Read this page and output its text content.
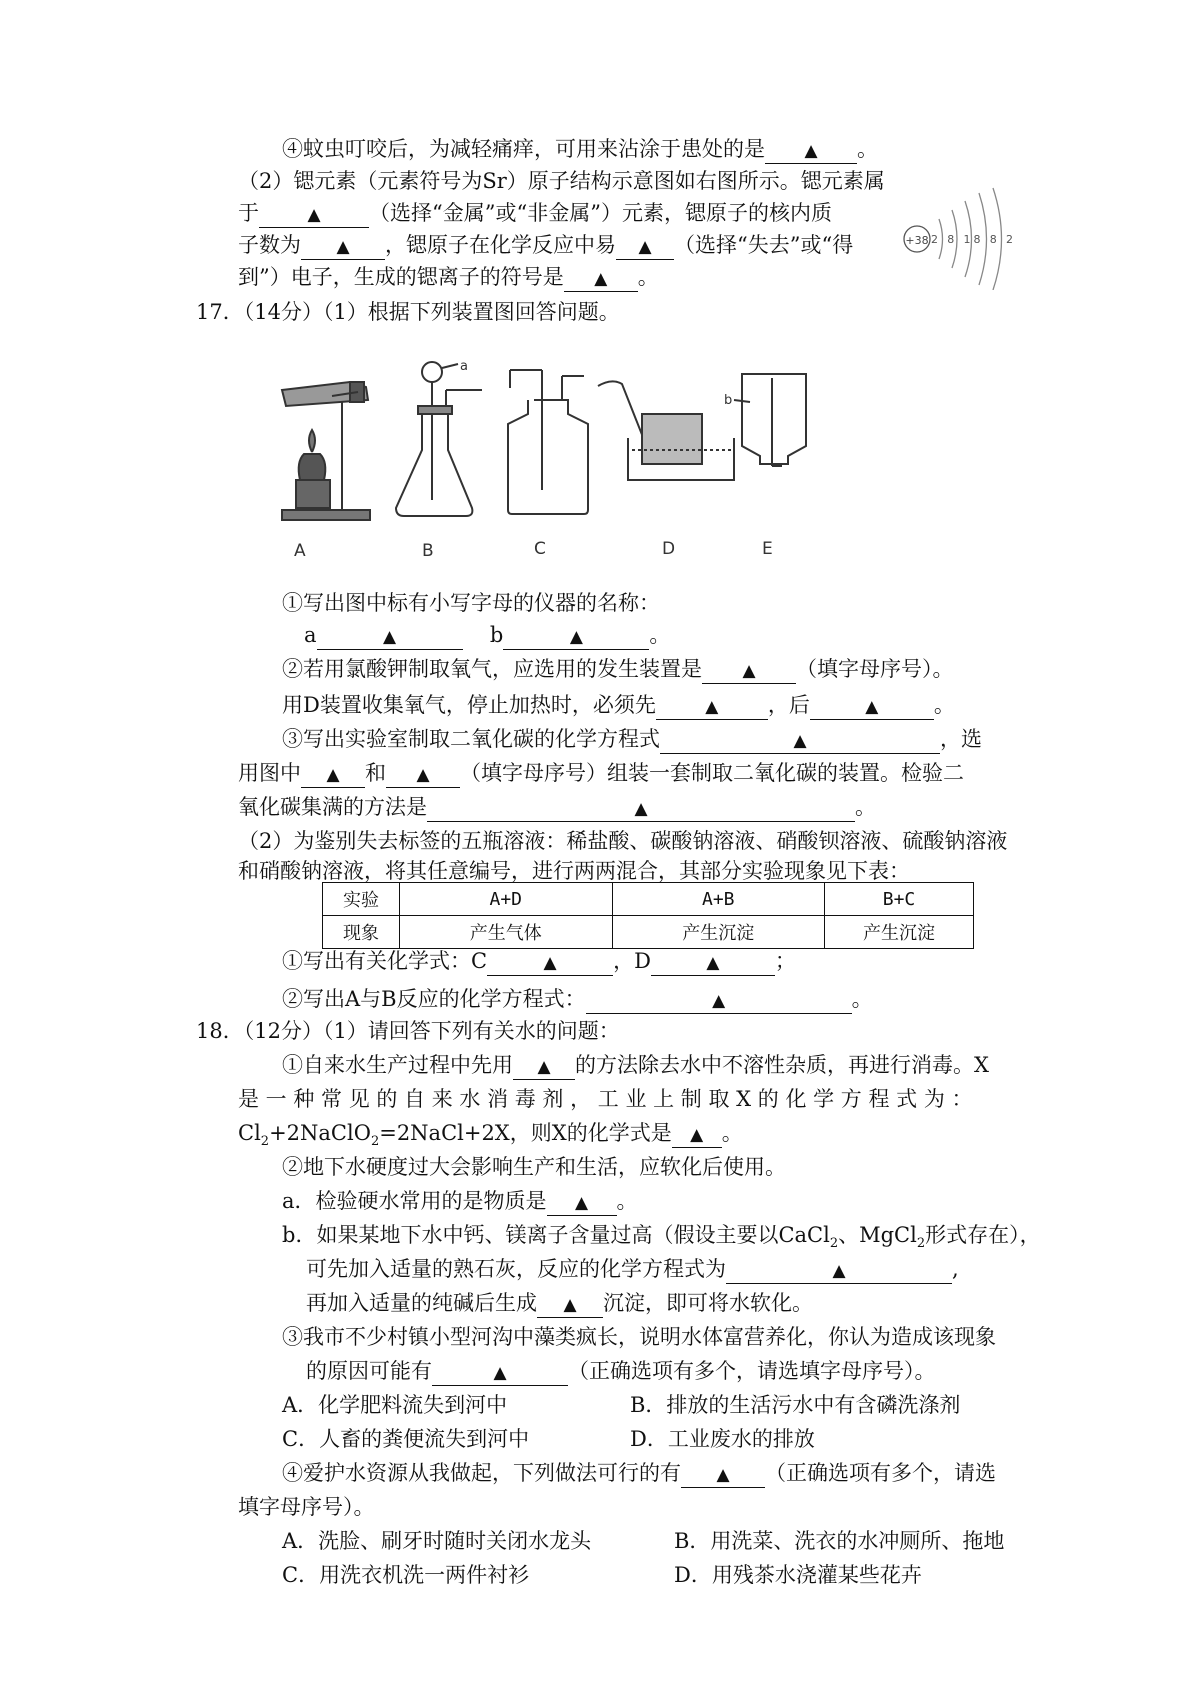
④蚊虫叮咬后，为减轻痛痒，可用来沾涂于患处的是 ▲	。
（2）锶元素（元素符号为Sr）原子结构示意图如右图所示。锶元素属
于 ▲	（选择“金属”或“非金属”）元素，锶原子的核内质
子数为 ▲	，锶原子在化学反应中易 ▲	（选择“失去”或“得
到”）电子，生成的锶离子的符号是 ▲	。
+38 2 8 18 8 2
17．（14分）（1）根据下列装置图回答问题。
a
b
A	B	C	D	E
①写出图中标有小写字母的仪器的名称：
a ▲	b ▲	。
②若用氯酸钾制取氧气，应选用的发生装置是 ▲	（填字母序号）。
用D装置收集氧气，停止加热时，必须先 ▲	，后 ▲	。
③写出实验室制取二氧化碳的化学方程式 ▲	，选
用图中 ▲	和 ▲	（填字母序号）组装一套制取二氧化碳的装置。检验二
氧化碳集满的方法是 ▲	。
（2）为鉴别失去标签的五瓶溶液：稀盐酸、碳酸钠溶液、硝酸钡溶液、硫酸钠溶液
和硝酸钠溶液，将其任意编号，进行两两混合，其部分实验现象见下表：
实验	A+D	A+B	B+C
现象	产生气体	产生沉淀	产生沉淀
①写出有关化学式：C ▲	，D ▲	；
②写出A与B反应的化学方程式： ▲	。
18．（12分）（1）请回答下列有关水的问题：
①自来水生产过程中先用 ▲	的方法除去水中不溶性杂质，再进行消毒。X
是 一 种 常 见 的 自 来 水 消 毒 剂 ， 工 业 上 制 取 X 的 化 学 方 程 式 为 ：
$Cl_2+2NaClO_2=2NaCl+2X$，则X的化学式是 ▲ 。
②地下水硬度过大会影响生产和生活，应软化后使用。
a．检验硬水常用的是物质是 ▲	。
b．如果某地下水中钙、镁离子含量过高（假设主要以CaCl$_2$、MgCl$_2$形式存在），
可先加入适量的熟石灰，反应的化学方程式为 ▲	,
再加入适量的纯碱后生成 ▲	沉淀，即可将水软化。
③我市不少村镇小型河沟中藻类疯长，说明水体富营养化，你认为造成该现象
的原因可能有 ▲	（正确选项有多个，请选填字母序号）。
A．化学肥料流失到河中	B．排放的生活污水中有含磷洗涤剂
C．人畜的粪便流失到河中	D．工业废水的排放
④爱护水资源从我做起，下列做法可行的有 ▲	（正确选项有多个，请选
填字母序号）。
A．洗脸、刷牙时随时关闭水龙头	B．用洗菜、洗衣的水冲厕所、拖地
C．用洗衣机洗一两件衬衫	D．用残茶水浇灌某些花卉
